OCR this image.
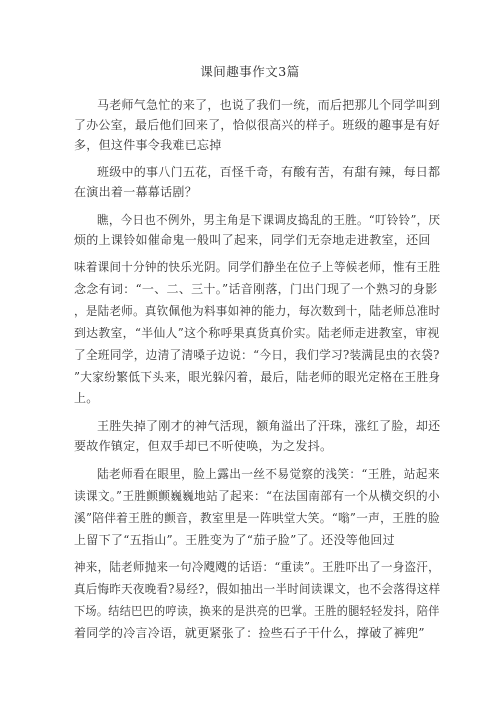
课间趣事作文3篇
马老师气急忙的来了，也说了我们一统，而后把那儿个同学叫到
了办公室，最后他们回来了，恰似很高兴的样子。班级的趣事是有好
多，但这件事令我难已忘掉
班级中的事八门五花，百怪千奇，有酸有苦，有甜有辣，每日都
在演出着一幕幕话剧？
瞧，今日也不例外，男主角是下课调皮捣乱的王胜。“叮铃铃”，厌
烦的上课铃如催命鬼一般叫了起来，同学们无奈地走进教室，还回
味着课间十分钟的快乐光阴。同学们静坐在位子上等候老师，惟有王胜
念念有词：“一、二、三十。”话音刚落，门出门现了一个熟习的身影
，是陆老师。真钦佩他为料事如神的能力，每次数到十，陆老师总准时
到达教室，“半仙人”这个称呼果真货真价实。陆老师走进教室，审视
了全班同学，边清了清嗓子边说：“今日，我们学习?装满昆虫的衣袋?
”大家纷繁低下头来，眼光躲闪着，最后，陆老师的眼光定格在王胜身
上。
王胜失掉了刚才的神气活现，额角溢出了汗珠，涨红了脸，却还
要故作镇定，但双手却已不听使唤，为之发抖。
陆老师看在眼里，脸上露出一丝不易觉察的浅笑：“王胜，站起来
读课文。”王胜颤颤巍巍地站了起来：“在法国南部有一个从横交织的小
溪”陪伴着王胜的颤音，教室里是一阵哄堂大笑。“嗡”一声，王胜的脸
上留下了“五指山”。王胜变为了“茄子脸”了。还没等他回过
神来，陆老师抛来一句冷飕飕的话语：“重读”。王胜吓出了一身盗汗，
真后悔昨天夜晚看?易经?，假如抽出一半时间读课文，也不会落得这样
下场。结结巴巴的哼读，换来的是洪亮的巴掌。王胜的腿轻轻发抖，陪伴
着同学的冷言冷语，就更紧张了：捡些石子干什么，撑破了裤兜”
